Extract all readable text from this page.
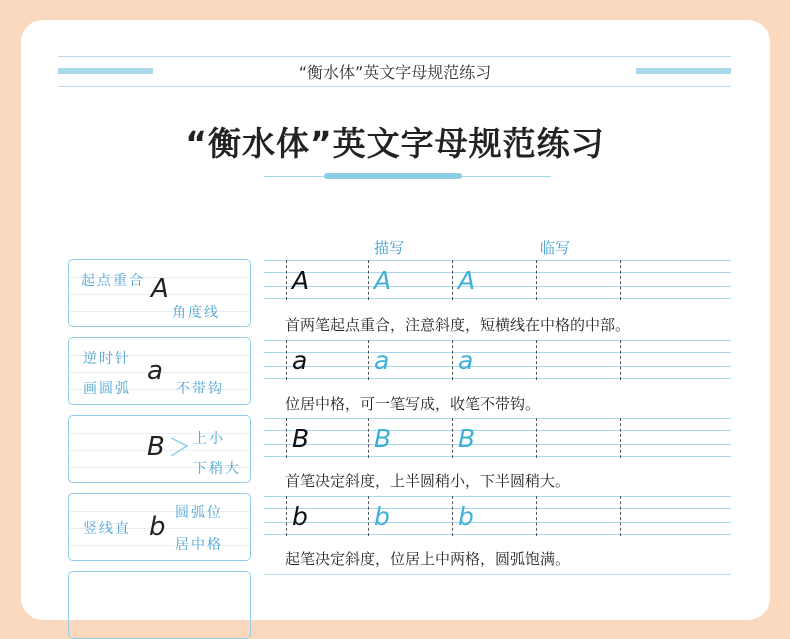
“衡水体”英文字母规范练习
“衡水体”英文字母规范练习
描写	临写
起点重合
角度线
A
逆时针
画圆弧	不带钩
a
上小
下稍大
B
竖线直
圆弧位
居中格
b
A	A	A
首两笔起点重合，注意斜度，短横线在中格的中部。
a	a	a
位居中格，可一笔写成，收笔不带钩。
B	B	B
首笔决定斜度，上半圆稍小，下半圆稍大。
b	b	b
起笔决定斜度，位居上中两格，圆弧饱满。
